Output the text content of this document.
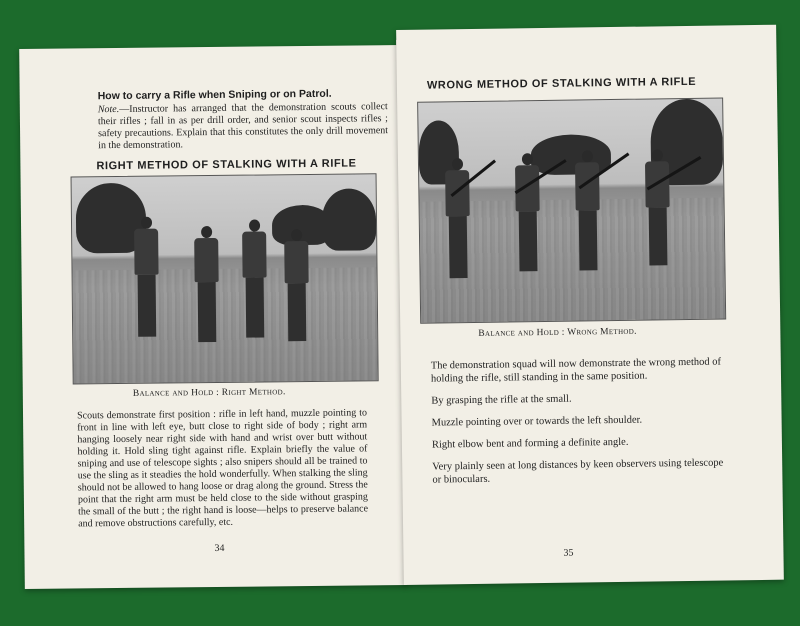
How to carry a Rifle when Sniping or on Patrol.
Note.—Instructor has arranged that the demonstration scouts collect their rifles ; fall in as per drill order, and senior scout inspects rifles ; safety precautions. Explain that this constitutes the only drill movement in the demonstration.
RIGHT METHOD OF STALKING WITH A RIFLE
Balance and Hold : Right Method.
Scouts demonstrate first position : rifle in left hand, muzzle pointing to front in line with left eye, butt close to right side of body ; right arm hanging loosely near right side with hand and wrist over butt without holding it. Hold sling tight against rifle. Explain briefly the value of sniping and use of telescope sights ; also snipers should all be trained to use the sling as it steadies the hold wonderfully. When stalking the sling should not be allowed to hang loose or drag along the ground. Stress the point that the right arm must be held close to the side without grasping the small of the butt ; the right hand is loose—helps to preserve balance and remove obstructions carefully, etc.
34
WRONG METHOD OF STALKING WITH A RIFLE
Balance and Hold : Wrong Method.
The demonstration squad will now demonstrate the wrong method of holding the rifle, still standing in the same position.
By grasping the rifle at the small.
Muzzle pointing over or towards the left shoulder.
Right elbow bent and forming a definite angle.
Very plainly seen at long distances by keen observers using telescope or binoculars.
35
